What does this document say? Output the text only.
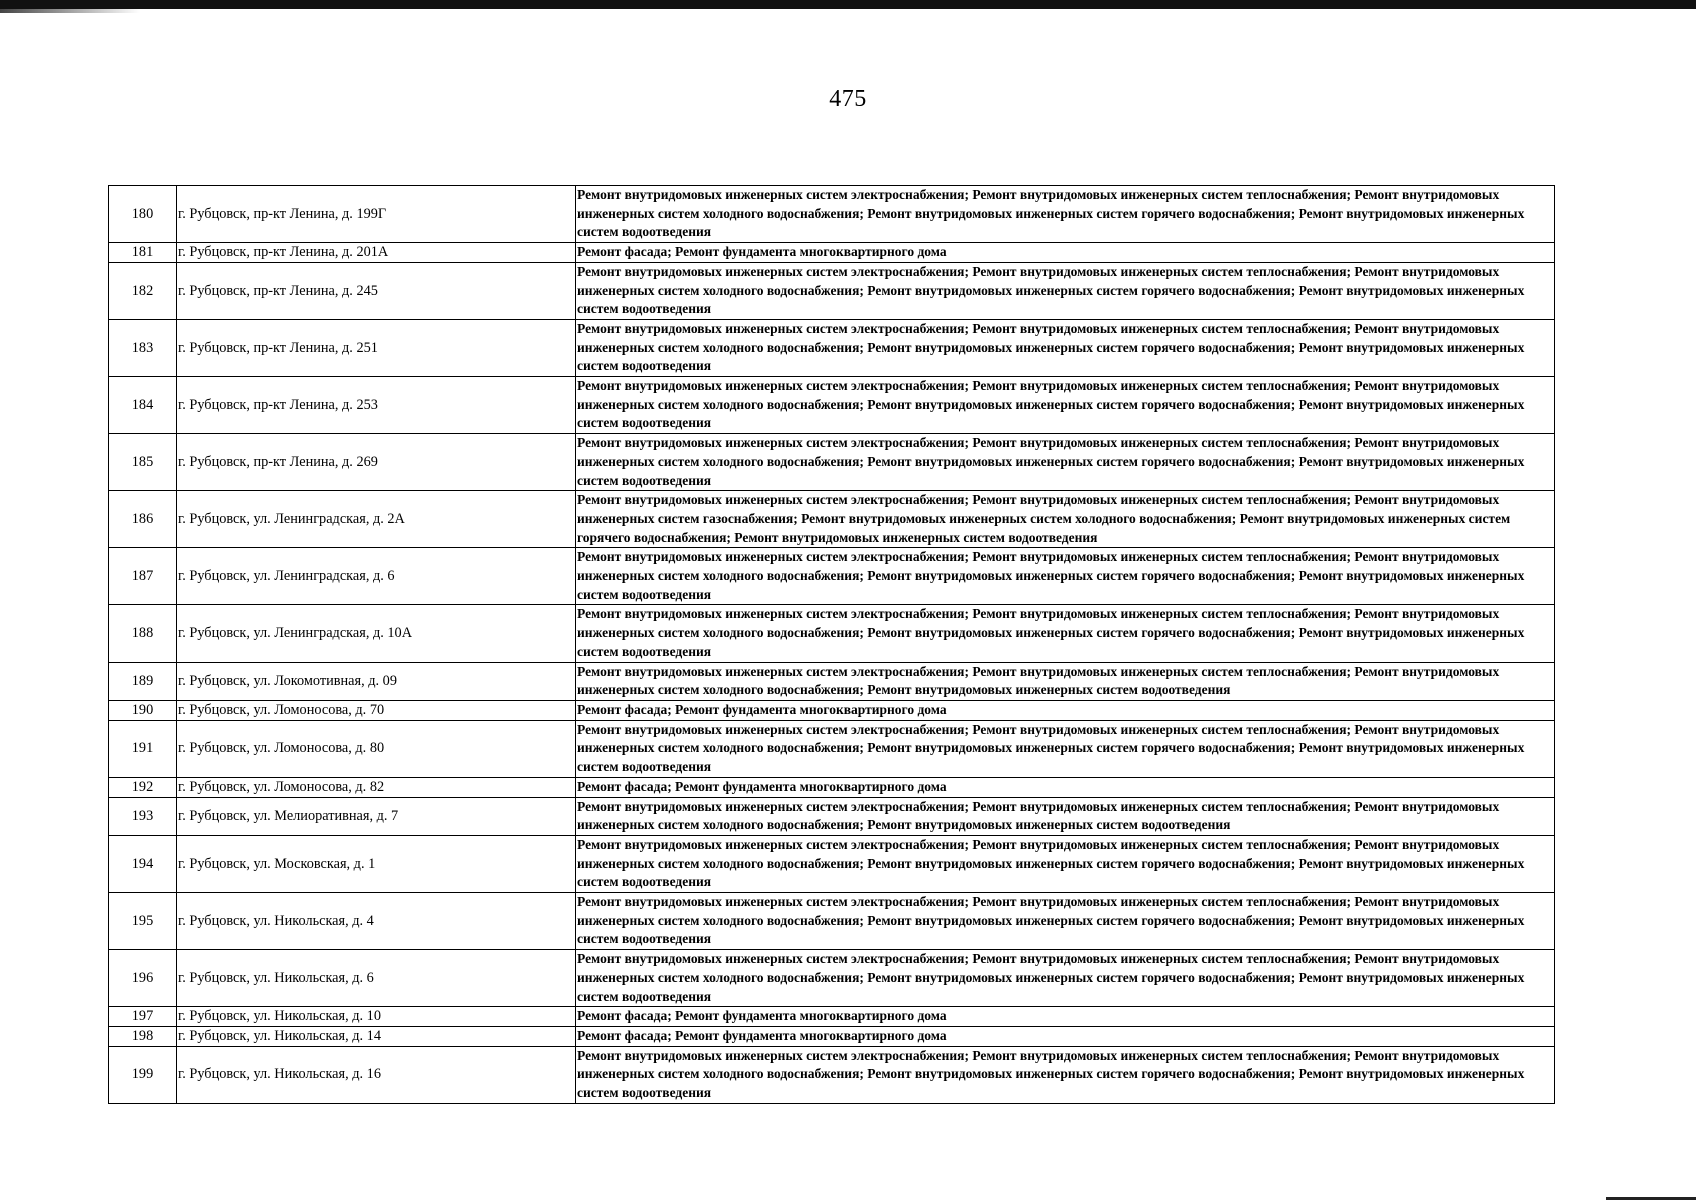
475
180	г. Рубцовск, пр-кт Ленина, д. 199Г	Ремонт внутридомовых инженерных систем электроснабжения; Ремонт внутридомовых инженерных систем теплоснабжения; Ремонт внутридомовых инженерных систем холодного водоснабжения; Ремонт внутридомовых инженерных систем горячего водоснабжения; Ремонт внутридомовых инженерных систем водоотведения
181	г. Рубцовск, пр-кт Ленина, д. 201А	Ремонт фасада; Ремонт фундамента многоквартирного дома
182	г. Рубцовск, пр-кт Ленина, д. 245	Ремонт внутридомовых инженерных систем электроснабжения; Ремонт внутридомовых инженерных систем теплоснабжения; Ремонт внутридомовых инженерных систем холодного водоснабжения; Ремонт внутридомовых инженерных систем горячего водоснабжения; Ремонт внутридомовых инженерных систем водоотведения
183	г. Рубцовск, пр-кт Ленина, д. 251	Ремонт внутридомовых инженерных систем электроснабжения; Ремонт внутридомовых инженерных систем теплоснабжения; Ремонт внутридомовых инженерных систем холодного водоснабжения; Ремонт внутридомовых инженерных систем горячего водоснабжения; Ремонт внутридомовых инженерных систем водоотведения
184	г. Рубцовск, пр-кт Ленина, д. 253	Ремонт внутридомовых инженерных систем электроснабжения; Ремонт внутридомовых инженерных систем теплоснабжения; Ремонт внутридомовых инженерных систем холодного водоснабжения; Ремонт внутридомовых инженерных систем горячего водоснабжения; Ремонт внутридомовых инженерных систем водоотведения
185	г. Рубцовск, пр-кт Ленина, д. 269	Ремонт внутридомовых инженерных систем электроснабжения; Ремонт внутридомовых инженерных систем теплоснабжения; Ремонт внутридомовых инженерных систем холодного водоснабжения; Ремонт внутридомовых инженерных систем горячего водоснабжения; Ремонт внутридомовых инженерных систем водоотведения
186	г. Рубцовск, ул. Ленинградская, д. 2А	Ремонт внутридомовых инженерных систем электроснабжения; Ремонт внутридомовых инженерных систем теплоснабжения; Ремонт внутридомовых инженерных систем газоснабжения; Ремонт внутридомовых инженерных систем холодного водоснабжения; Ремонт внутридомовых инженерных систем горячего водоснабжения; Ремонт внутридомовых инженерных систем водоотведения
187	г. Рубцовск, ул. Ленинградская, д. 6	Ремонт внутридомовых инженерных систем электроснабжения; Ремонт внутридомовых инженерных систем теплоснабжения; Ремонт внутридомовых инженерных систем холодного водоснабжения; Ремонт внутридомовых инженерных систем горячего водоснабжения; Ремонт внутридомовых инженерных систем водоотведения
188	г. Рубцовск, ул. Ленинградская, д. 10А	Ремонт внутридомовых инженерных систем электроснабжения; Ремонт внутридомовых инженерных систем теплоснабжения; Ремонт внутридомовых инженерных систем холодного водоснабжения; Ремонт внутридомовых инженерных систем горячего водоснабжения; Ремонт внутридомовых инженерных систем водоотведения
189	г. Рубцовск, ул. Локомотивная, д. 09	Ремонт внутридомовых инженерных систем электроснабжения; Ремонт внутридомовых инженерных систем теплоснабжения; Ремонт внутридомовых инженерных систем холодного водоснабжения; Ремонт внутридомовых инженерных систем водоотведения
190	г. Рубцовск, ул. Ломоносова, д. 70	Ремонт фасада; Ремонт фундамента многоквартирного дома
191	г. Рубцовск, ул. Ломоносова, д. 80	Ремонт внутридомовых инженерных систем электроснабжения; Ремонт внутридомовых инженерных систем теплоснабжения; Ремонт внутридомовых инженерных систем холодного водоснабжения; Ремонт внутридомовых инженерных систем горячего водоснабжения; Ремонт внутридомовых инженерных систем водоотведения
192	г. Рубцовск, ул. Ломоносова, д. 82	Ремонт фасада; Ремонт фундамента многоквартирного дома
193	г. Рубцовск, ул. Мелиоративная, д. 7	Ремонт внутридомовых инженерных систем электроснабжения; Ремонт внутридомовых инженерных систем теплоснабжения; Ремонт внутридомовых инженерных систем холодного водоснабжения; Ремонт внутридомовых инженерных систем водоотведения
194	г. Рубцовск, ул. Московская, д. 1	Ремонт внутридомовых инженерных систем электроснабжения; Ремонт внутридомовых инженерных систем теплоснабжения; Ремонт внутридомовых инженерных систем холодного водоснабжения; Ремонт внутридомовых инженерных систем горячего водоснабжения; Ремонт внутридомовых инженерных систем водоотведения
195	г. Рубцовск, ул. Никольская, д. 4	Ремонт внутридомовых инженерных систем электроснабжения; Ремонт внутридомовых инженерных систем теплоснабжения; Ремонт внутридомовых инженерных систем холодного водоснабжения; Ремонт внутридомовых инженерных систем горячего водоснабжения; Ремонт внутридомовых инженерных систем водоотведения
196	г. Рубцовск, ул. Никольская, д. 6	Ремонт внутридомовых инженерных систем электроснабжения; Ремонт внутридомовых инженерных систем теплоснабжения; Ремонт внутридомовых инженерных систем холодного водоснабжения; Ремонт внутридомовых инженерных систем горячего водоснабжения; Ремонт внутридомовых инженерных систем водоотведения
197	г. Рубцовск, ул. Никольская, д. 10	Ремонт фасада; Ремонт фундамента многоквартирного дома
198	г. Рубцовск, ул. Никольская, д. 14	Ремонт фасада; Ремонт фундамента многоквартирного дома
199	г. Рубцовск, ул. Никольская, д. 16	Ремонт внутридомовых инженерных систем электроснабжения; Ремонт внутридомовых инженерных систем теплоснабжения; Ремонт внутридомовых инженерных систем холодного водоснабжения; Ремонт внутридомовых инженерных систем горячего водоснабжения; Ремонт внутридомовых инженерных систем водоотведения
